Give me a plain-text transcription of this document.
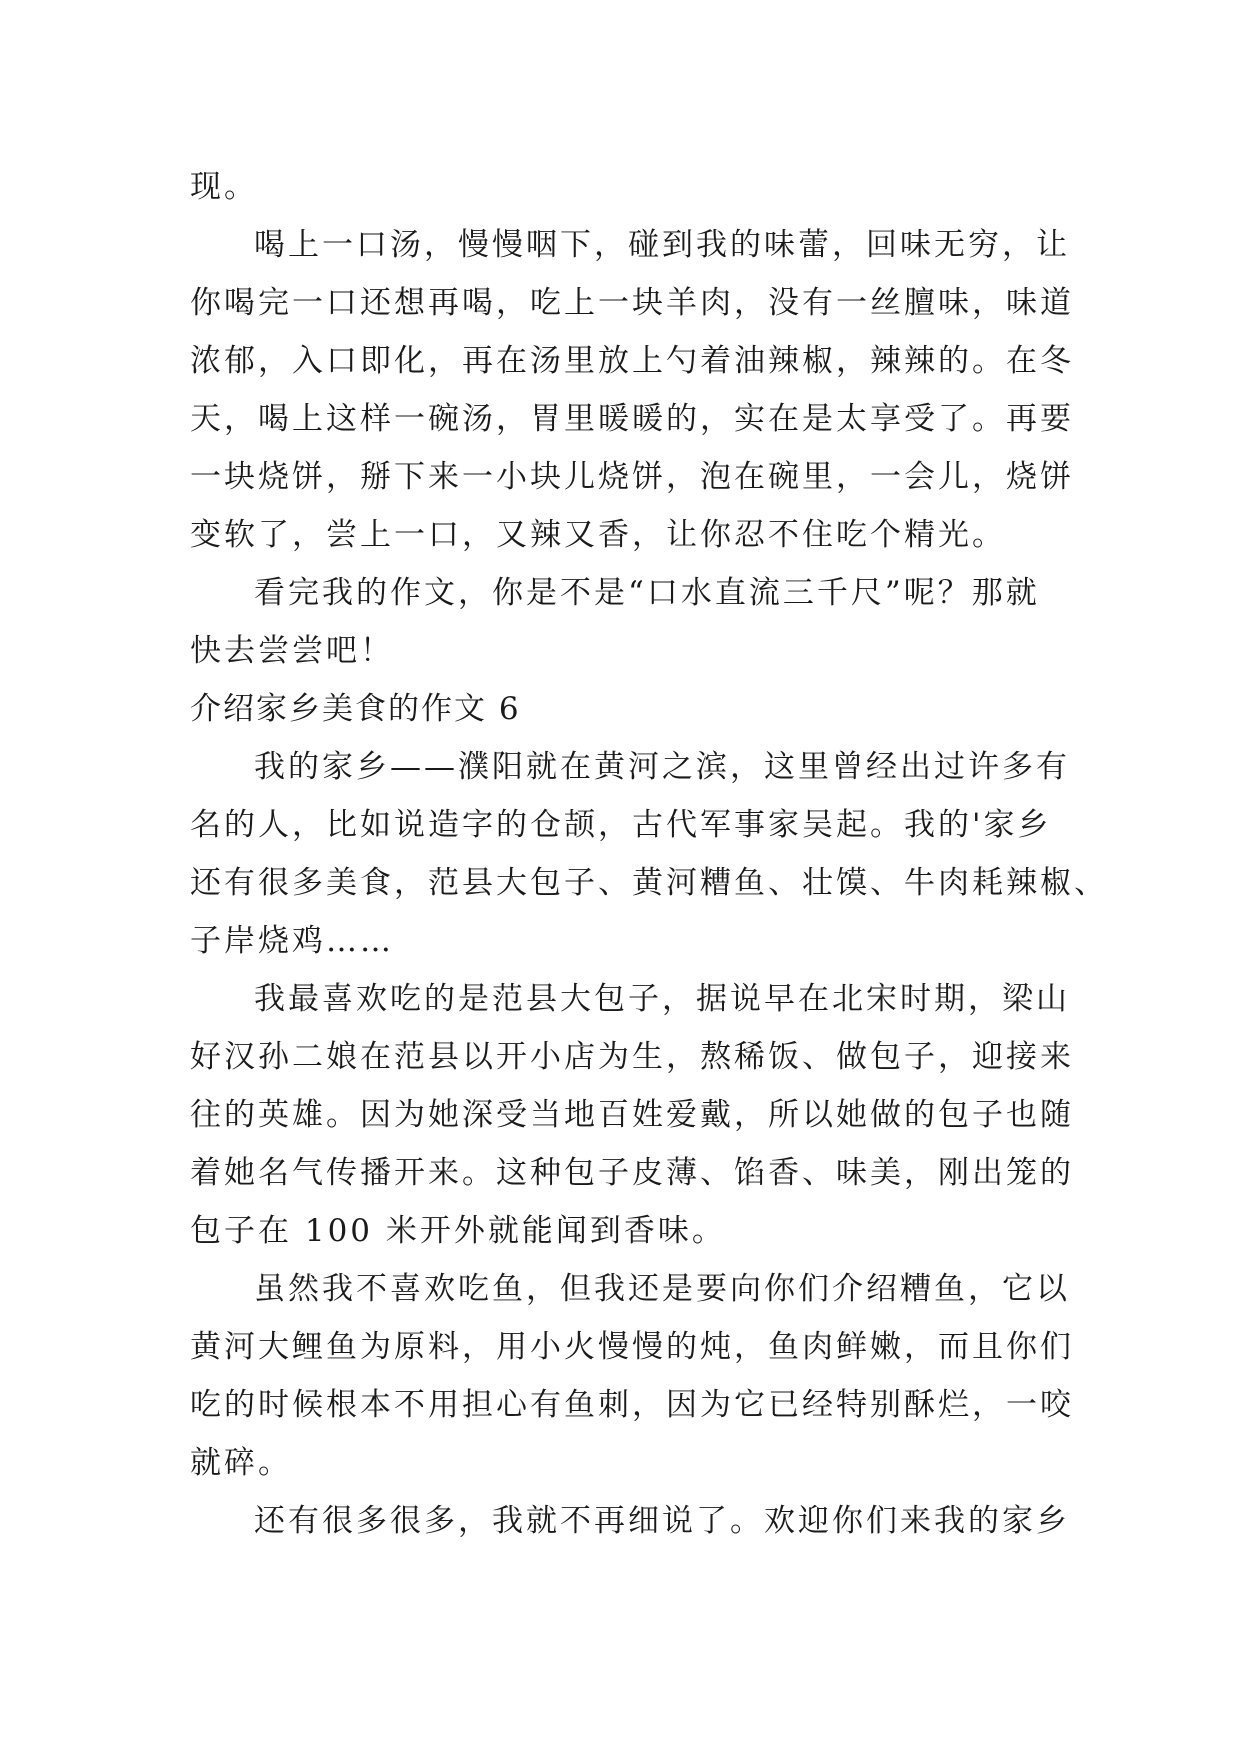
现。
喝上一口汤，慢慢咽下，碰到我的味蕾，回味无穷，让
你喝完一口还想再喝，吃上一块羊肉，没有一丝膻味，味道
浓郁，入口即化，再在汤里放上勺着油辣椒，辣辣的。在冬
天，喝上这样一碗汤，胃里暖暖的，实在是太享受了。再要
一块烧饼，掰下来一小块儿烧饼，泡在碗里，一会儿，烧饼
变软了，尝上一口，又辣又香，让你忍不住吃个精光。
看完我的作文，你是不是“口水直流三千尺”呢？那就
快去尝尝吧！
介绍家乡美食的作文 6
我的家乡——濮阳就在黄河之滨，这里曾经出过许多有
名的人，比如说造字的仓颉，古代军事家吴起。我的'家乡
还有很多美食，范县大包子、黄河糟鱼、壮馍、牛肉耗辣椒、
子岸烧鸡……
我最喜欢吃的是范县大包子，据说早在北宋时期，梁山
好汉孙二娘在范县以开小店为生，熬稀饭、做包子，迎接来
往的英雄。因为她深受当地百姓爱戴，所以她做的包子也随
着她名气传播开来。这种包子皮薄、馅香、味美，刚出笼的
包子在 100 米开外就能闻到香味。
虽然我不喜欢吃鱼，但我还是要向你们介绍糟鱼，它以
黄河大鲤鱼为原料，用小火慢慢的炖，鱼肉鲜嫩，而且你们
吃的时候根本不用担心有鱼刺，因为它已经特别酥烂，一咬
就碎。
还有很多很多，我就不再细说了。欢迎你们来我的家乡
